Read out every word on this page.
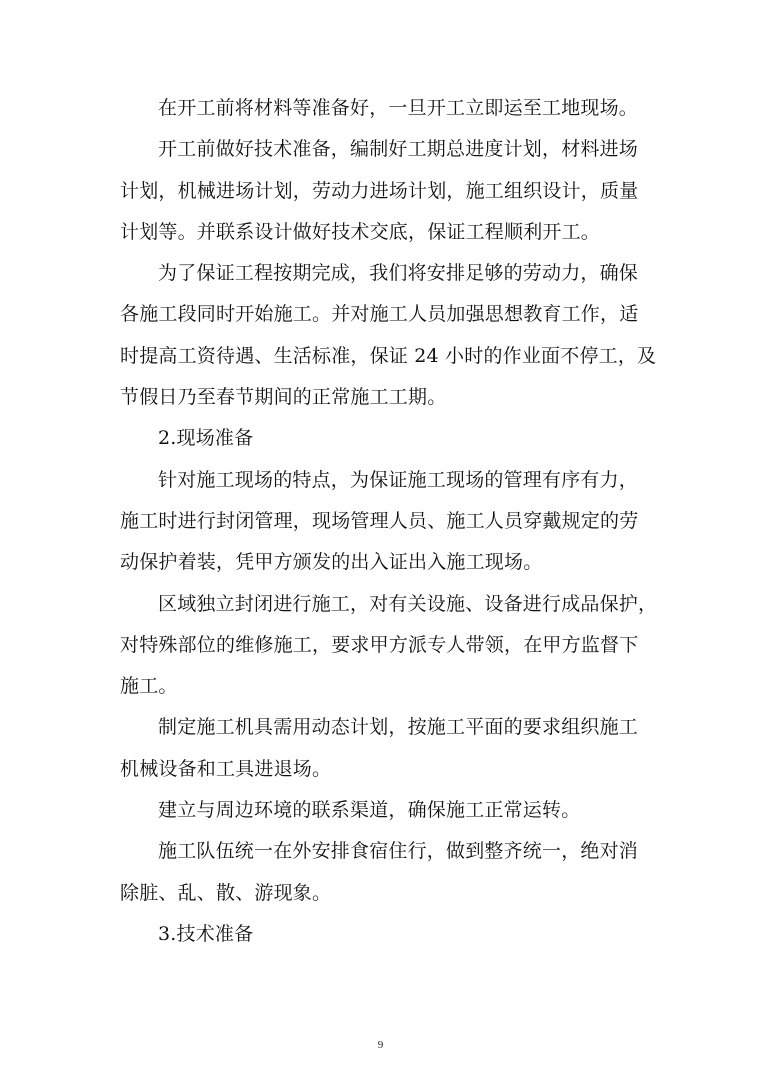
在开工前将材料等准备好，一旦开工立即运至工地现场。
开工前做好技术准备，编制好工期总进度计划，材料进场
计划，机械进场计划，劳动力进场计划，施工组织设计，质量
计划等。并联系设计做好技术交底，保证工程顺利开工。
为了保证工程按期完成，我们将安排足够的劳动力，确保
各施工段同时开始施工。并对施工人员加强思想教育工作，适
时提高工资待遇、生活标准，保证 24 小时的作业面不停工，及
节假日乃至春节期间的正常施工工期。
2.现场准备
针对施工现场的特点，为保证施工现场的管理有序有力，
施工时进行封闭管理，现场管理人员、施工人员穿戴规定的劳
动保护着装，凭甲方颁发的出入证出入施工现场。
区域独立封闭进行施工，对有关设施、设备进行成品保护，
对特殊部位的维修施工，要求甲方派专人带领，在甲方监督下
施工。
制定施工机具需用动态计划，按施工平面的要求组织施工
机械设备和工具进退场。
建立与周边环境的联系渠道，确保施工正常运转。
施工队伍统一在外安排食宿住行，做到整齐统一，绝对消
除脏、乱、散、游现象。
3.技术准备
9
